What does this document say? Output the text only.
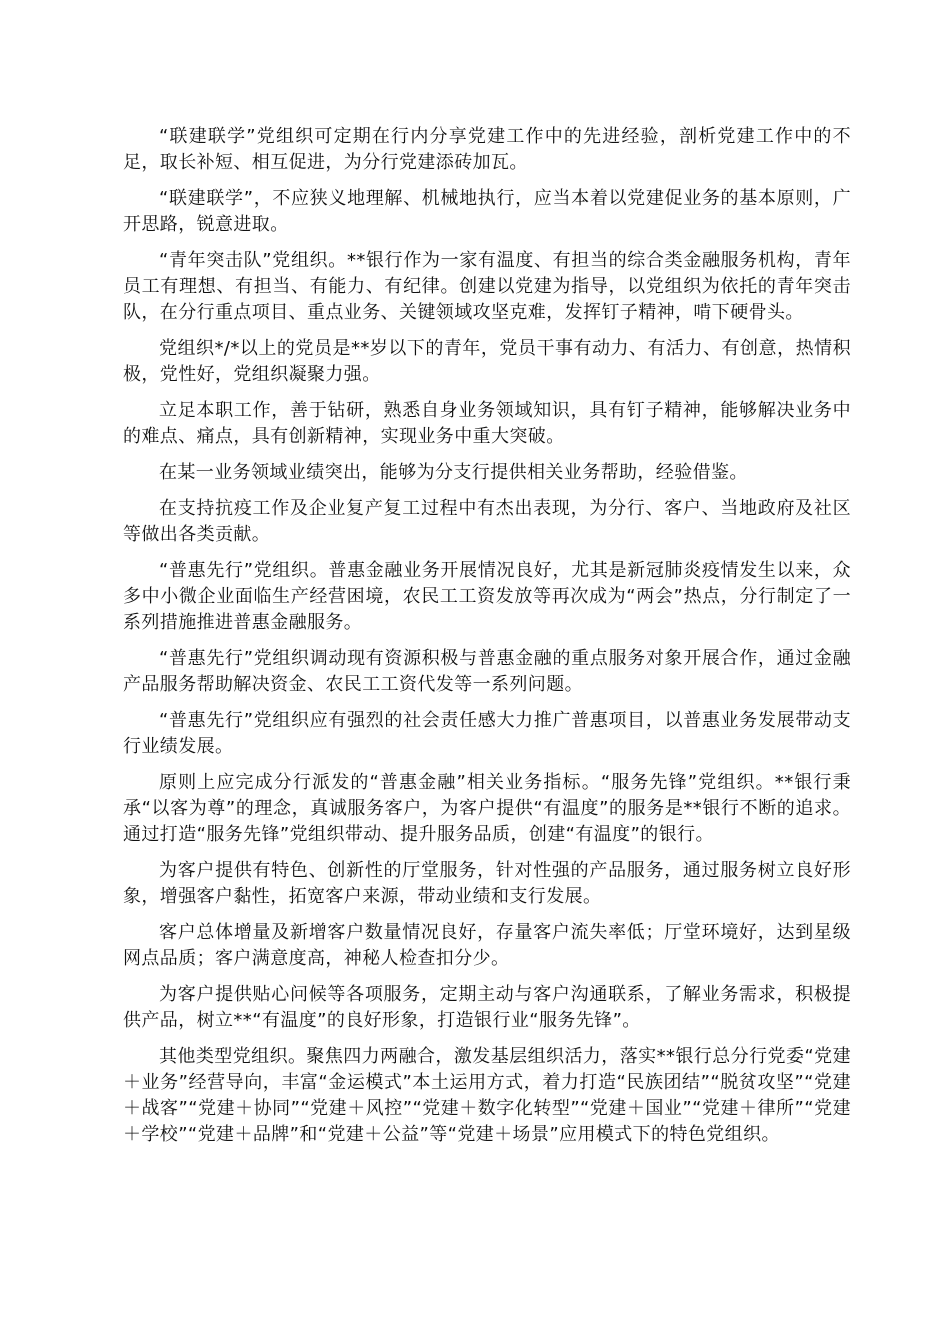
“联建联学”党组织可定期在行内分享党建工作中的先进经验，剖析党建工作中的不足，取长补短、相互促进，为分行党建添砖加瓦。

“联建联学”，不应狭义地理解、机械地执行，应当本着以党建促业务的基本原则，广开思路，锐意进取。

“青年突击队”党组织。**银行作为一家有温度、有担当的综合类金融服务机构，青年员工有理想、有担当、有能力、有纪律。创建以党建为指导，以党组织为依托的青年突击队，在分行重点项目、重点业务、关键领域攻坚克难，发挥钉子精神，啃下硬骨头。

党组织*/*以上的党员是**岁以下的青年，党员干事有动力、有活力、有创意，热情积极，党性好，党组织凝聚力强。

立足本职工作，善于钻研，熟悉自身业务领域知识，具有钉子精神，能够解决业务中的难点、痛点，具有创新精神，实现业务中重大突破。

在某一业务领域业绩突出，能够为分支行提供相关业务帮助，经验借鉴。

在支持抗疫工作及企业复产复工过程中有杰出表现，为分行、客户、当地政府及社区等做出各类贡献。

“普惠先行”党组织。普惠金融业务开展情况良好，尤其是新冠肺炎疫情发生以来，众多中小微企业面临生产经营困境，农民工工资发放等再次成为“两会”热点，分行制定了一系列措施推进普惠金融服务。

“普惠先行”党组织调动现有资源积极与普惠金融的重点服务对象开展合作，通过金融产品服务帮助解决资金、农民工工资代发等一系列问题。

“普惠先行”党组织应有强烈的社会责任感大力推广普惠项目，以普惠业务发展带动支行业绩发展。

原则上应完成分行派发的“普惠金融”相关业务指标。“服务先锋”党组织。**银行秉承“以客为尊”的理念，真诚服务客户，为客户提供“有温度”的服务是**银行不断的追求。通过打造“服务先锋”党组织带动、提升服务品质，创建“有温度”的银行。

为客户提供有特色、创新性的厅堂服务，针对性强的产品服务，通过服务树立良好形象，增强客户黏性，拓宽客户来源，带动业绩和支行发展。

客户总体增量及新增客户数量情况良好，存量客户流失率低；厅堂环境好，达到星级网点品质；客户满意度高，神秘人检查扣分少。

为客户提供贴心问候等各项服务，定期主动与客户沟通联系，了解业务需求，积极提供产品，树立**“有温度”的良好形象，打造银行业“服务先锋”。

其他类型党组织。聚焦四力两融合，激发基层组织活力，落实**银行总分行党委“党建＋业务”经营导向，丰富“金运模式”本土运用方式，着力打造“民族团结”“脱贫攻坚”“党建＋战客”“党建＋协同”“党建＋风控”“党建＋数字化转型”“党建＋国业”“党建＋律所”“党建＋学校”“党建＋品牌”和“党建＋公益”等“党建＋场景”应用模式下的特色党组织。
